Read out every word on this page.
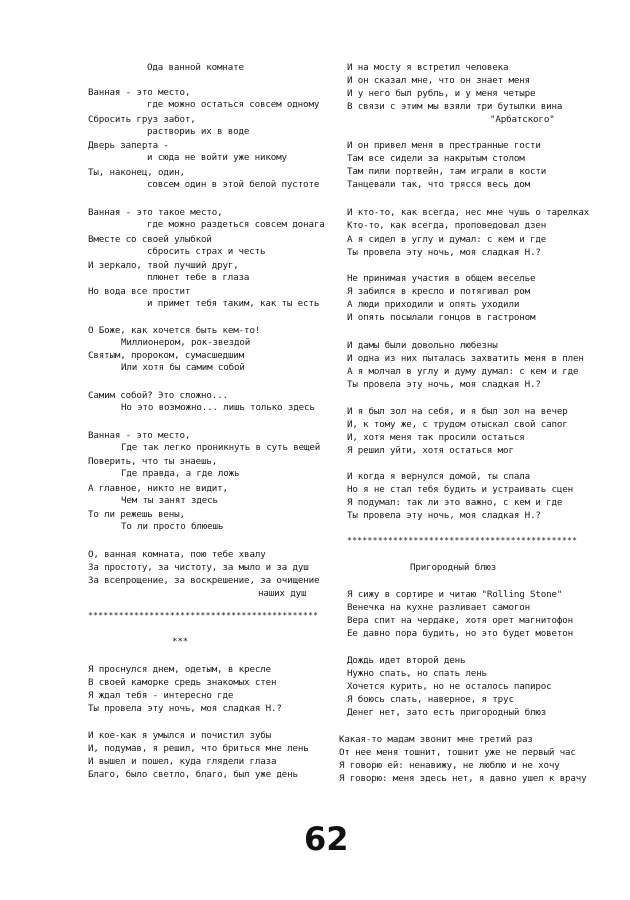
Ода ванной комнате
Ванная - это место,
где можно остаться совсем одному
Сбросить груз забот,
раствориь их в воде
Дверь заперта -
и сюда не войти уже никому
Ты, наконец, один,
совсем один в этой белой пустоте
Ванная - это такое место,
где можно раздеться совсем донага
Вместе со своей улыбкой
сбросить страх и честь
И зеркало, твой лучший друг,
плюнет тебе в глаза
Но вода все простит
и примет тебя таким, как ты есть
О Боже, как хочется быть кем-то!
Миллионером, рок-звездой
Святым, пророком, сумасшедшим
Или хотя бы самим собой
Самим собой? Это сложно...
Но это возможно... лишь только здесь
Ванная - это место,
Где так легко проникнуть в суть вещей
Поверить, что ты знаешь,
Где правда, а где ложь
А главное, никто не видит,
Чем ты занят здесь
То ли режешь вены,
То ли просто блюешь
О, ванная комната, пою тебе хвалу
За простоту, за чистоту, за мыло и за душ
За всепрощение, за воскрешение, за очищение
наших душ
*********************************************
***
Я проснулся днем, одетым, в кресле
В своей каморке средь знакомых стен
Я ждал тебя - интересно где
Ты провела эту ночь, моя сладкая Н.?
И кое-как я умылся и почистил зубы
И, подумав, я решил, что бриться мне лень
И вышел и пошел, куда глядели глаза
Благо, было светло, благо, был уже день
И на мосту я встретил человека
И он сказал мне, что он знает меня
И у него был рубль, и у меня четыре
В связи с этим мы взяли три бутылки вина
"Арбатского"
И он привел меня в престранные гости
Там все сидели за накрытым столом
Там пили портвейн, там играли в кости
Танцевали так, что трясся весь дом
И кто-то, как всегда, нес мне чушь о тарелках
Кто-то, как всегда, проповедовал дзен
А я сидел в углу и думал: с кем и где
Ты провела эту ночь, моя сладкая Н.?
Не принимая участия в общем веселье
Я забился в кресло и потягивал ром
А люди приходили и опять уходили
И опять посылали гонцов в гастроном
И дамы были довольно любезны
И одна из них пыталась захватить меня в плен
А я молчал в углу и думу думал: с кем и где
Ты провела эту ночь, моя сладкая Н.?
И я был зол на себя, и я был зол на вечер
И, к тому же, с трудом отыскал свой сапог
И, хотя меня так просили остаться
Я решил уйти, хотя остаться мог
И когда я вернулся домой, ты спала
Но я не стал тебя будить и устраивать сцен
Я подумал: так ли это важно, с кем и где
Ты провела эту ночь, моя сладкая Н.?
*********************************************
Пригородный блюз
Я сижу в сортире и читаю "Rolling Stone"
Венечка на кухне разливает самогон
Вера спит на чердаке, хотя орет магнитофон
Ее давно пора будить, но это будет моветон
Дождь идет второй день
Нужно спать, но спать лень
Хочется курить, но не осталось папирос
Я боюсь спать, наверное, я трус
Денег нет, зато есть пригородный блюз
Какая-то мадам звонит мне третий раз
От нее меня тошнит, тошнит уже не первый час
Я говорю ей: ненавижу, не люблю и не хочу
Я говорю: меня здесь нет, я давно ушел к врачу
62
